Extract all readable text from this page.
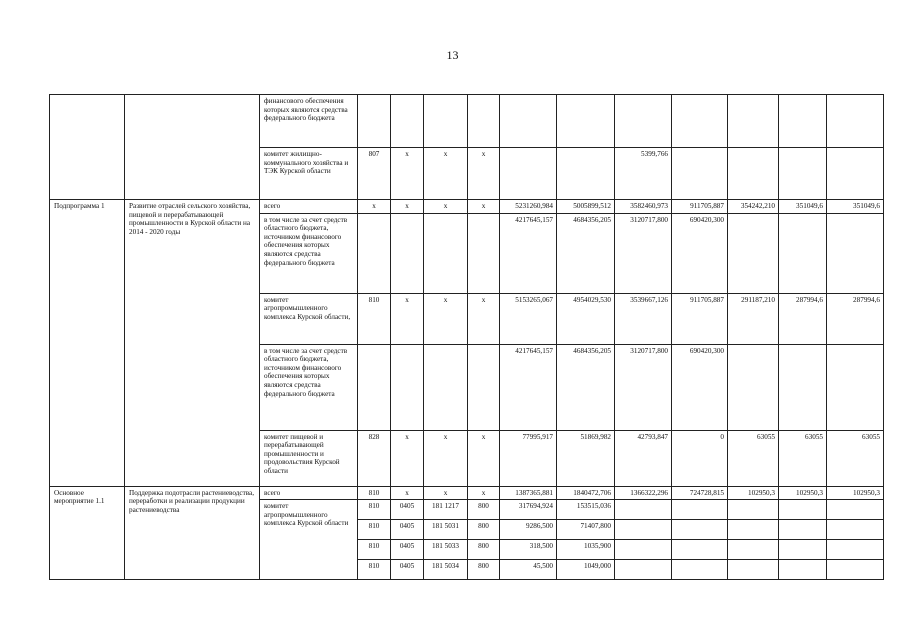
13
		финансового обеспечения которых являются средства федерального бюджета											
		комитет жилищно-коммунального хозяйства и ТЭК Курской области	807	x	x	x			5399,766				
Подпрограмма 1	Развитие отраслей сельского хозяйства, пищевой и перерабатывающей промышленности в Курской области на 2014 - 2020 годы	всего	x	x	x	x	5231260,984	5005899,512	3582460,973	911705,887	354242,210	351049,6	351049,6
		в том числе за счет средств областного бюджета, источником финансового обеспечения которых являются средства федерального бюджета					4217645,157	4684356,205	3120717,800	690420,300			
		комитет агропромышленного комплекса Курской области,	810	x	x	x	5153265,067	4954029,530	3539667,126	911705,887	291187,210	287994,6	287994,6
		в том числе за счет средств областного бюджета, источником финансового обеспечения которых являются средства федерального бюджета					4217645,157	4684356,205	3120717,800	690420,300			
		комитет пищевой и перерабатывающей промышленности и продовольствия Курской области	828	x	x	x	77995,917	51869,982	42793,847	0	63055	63055	63055
Основное мероприятие 1.1	Поддержка подотрасли растениеводства, переработки и реализации продукции растениеводства	всего	810	x	x	x	1387365,881	1840472,706	1366322,296	724728,815	102950,3	102950,3	102950,3
		комитет агропромышленного комплекса Курской области	810	0405	181 1217	800	317694,924	153515,036					
			810	0405	181 5031	800	9286,500	71407,800					
			810	0405	181 5033	800	318,500	1035,900					
			810	0405	181 5034	800	45,500	1049,000					
